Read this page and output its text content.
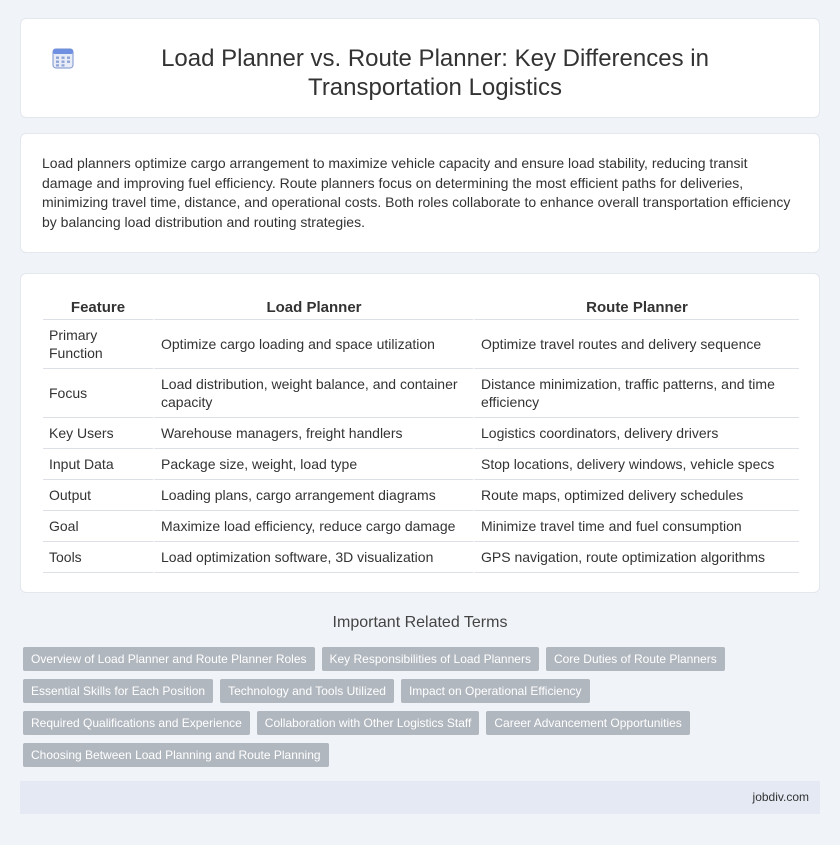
Load Planner vs. Route Planner: Key Differences in Transportation Logistics

Load planners optimize cargo arrangement to maximize vehicle capacity and ensure load stability, reducing transit damage and improving fuel efficiency. Route planners focus on determining the most efficient paths for deliveries, minimizing travel time, distance, and operational costs. Both roles collaborate to enhance overall transportation efficiency by balancing load distribution and routing strategies.

Feature	Load Planner	Route Planner
Primary Function	Optimize cargo loading and space utilization	Optimize travel routes and delivery sequence
Focus	Load distribution, weight balance, and container capacity	Distance minimization, traffic patterns, and time efficiency
Key Users	Warehouse managers, freight handlers	Logistics coordinators, delivery drivers
Input Data	Package size, weight, load type	Stop locations, delivery windows, vehicle specs
Output	Loading plans, cargo arrangement diagrams	Route maps, optimized delivery schedules
Goal	Maximize load efficiency, reduce cargo damage	Minimize travel time and fuel consumption
Tools	Load optimization software, 3D visualization	GPS navigation, route optimization algorithms
Important Related Terms
Overview of Load Planner and Route Planner Roles	Key Responsibilities of Load Planners	Core Duties of Route Planners
Essential Skills for Each Position	Technology and Tools Utilized	Impact on Operational Efficiency
Required Qualifications and Experience	Collaboration with Other Logistics Staff	Career Advancement Opportunities
Choosing Between Load Planning and Route Planning
jobdiv.com
